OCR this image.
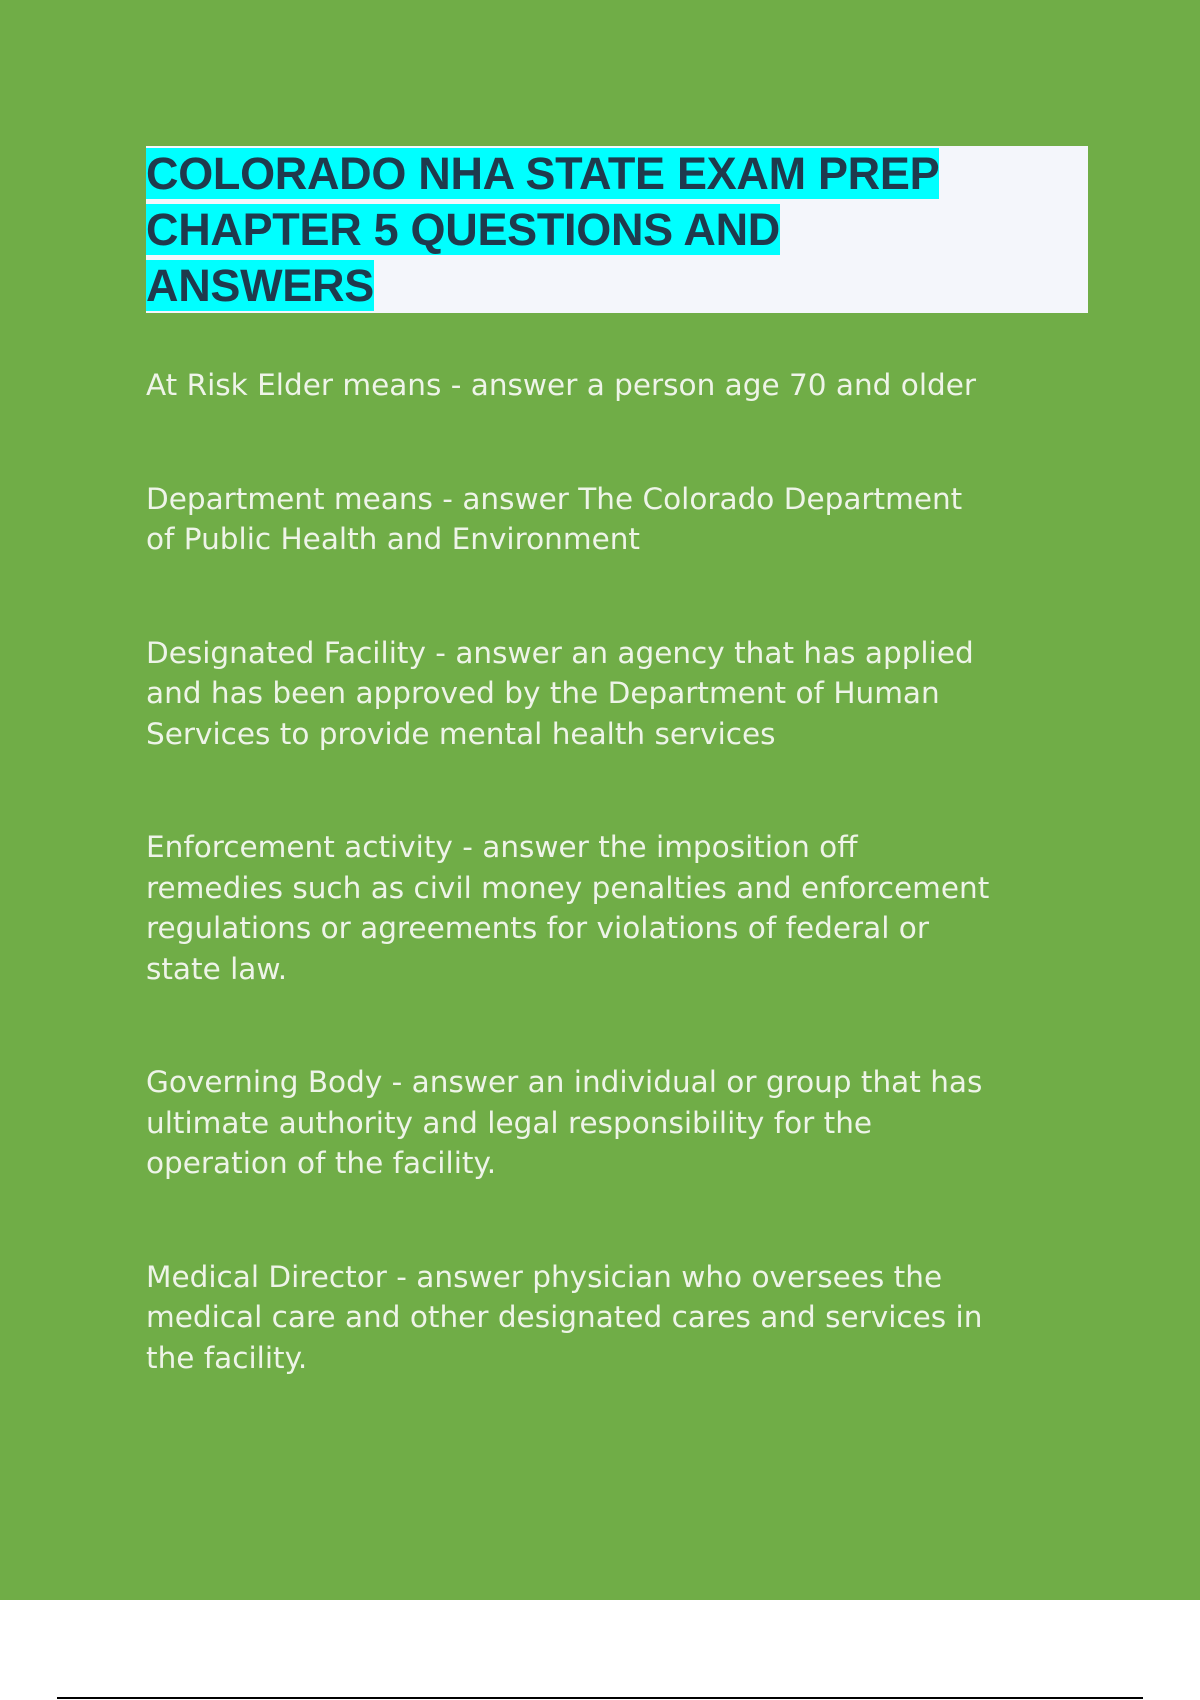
COLORADO NHA STATE EXAM PREP
CHAPTER 5 QUESTIONS AND
ANSWERS

At Risk Elder means - answer a person age 70 and older

Department means - answer The Colorado Department
of Public Health and Environment

Designated Facility - answer an agency that has applied
and has been approved by the Department of Human
Services to provide mental health services

Enforcement activity - answer the imposition off
remedies such as civil money penalties and enforcement
regulations or agreements for violations of federal or
state law.

Governing Body - answer an individual or group that has
ultimate authority and legal responsibility for the
operation of the facility.

Medical Director - answer physician who oversees the
medical care and other designated cares and services in
the facility.
